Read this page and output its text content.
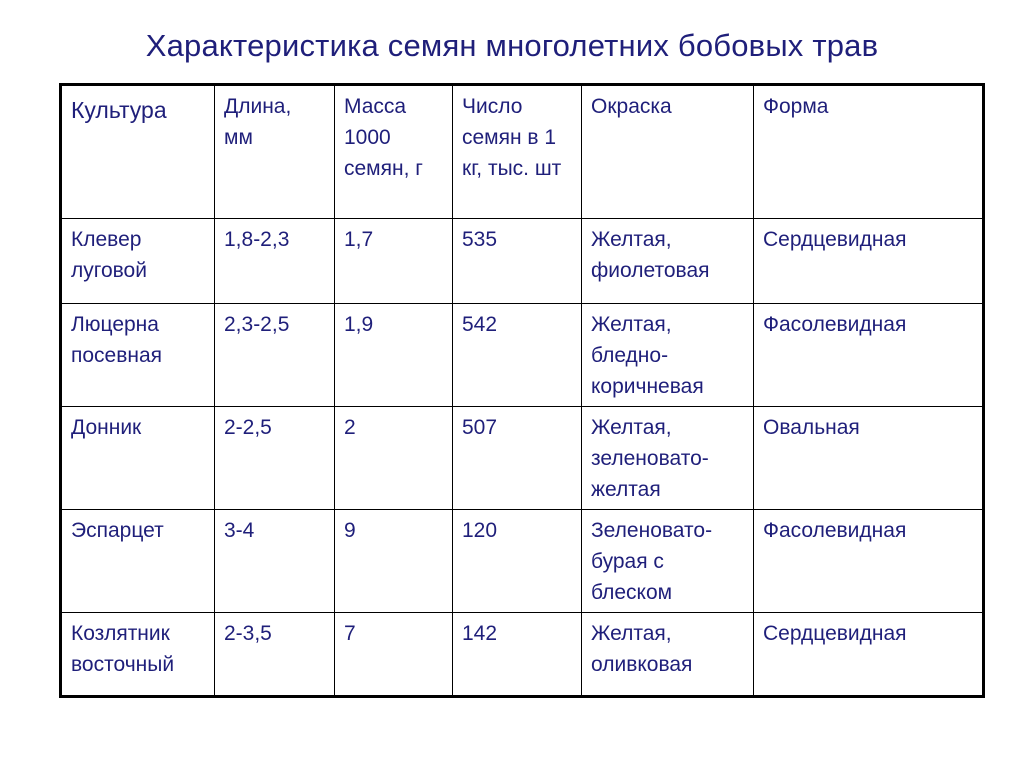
Характеристика семян многолетних бобовых трав
Культура	Длина, мм	Масса 1000 семян, г	Число семян в 1 кг, тыс. шт	Окраска	Форма
Клевер луговой	1,8-2,3	1,7	535	Желтая, фиолетовая	Сердцевидная
Люцерна посевная	2,3-2,5	1,9	542	Желтая, бледно-коричневая	Фасолевидная
Донник	2-2,5	2	507	Желтая, зеленовато-желтая	Овальная
Эспарцет	3-4	9	120	Зеленовато-бурая с блеском	Фасолевидная
Козлятник восточный	2-3,5	7	142	Желтая, оливковая	Сердцевидная
